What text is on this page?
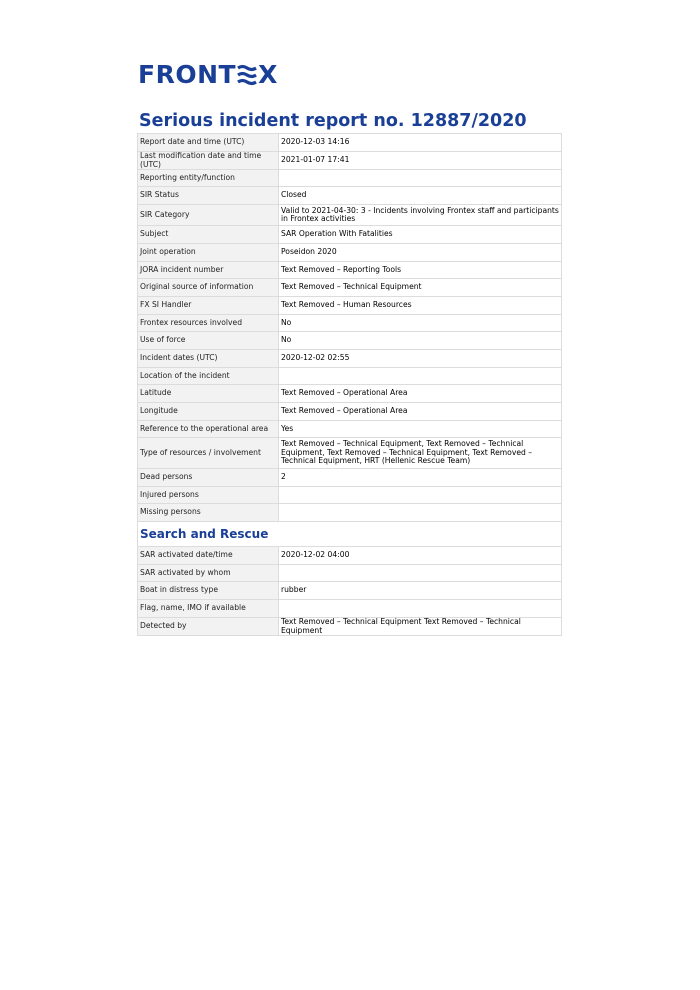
FRONT X
Serious incident report no. 12887/2020
Report date and time (UTC)	2020-12-03 14:16
Last modification date and time (UTC)	2021-01-07 17:41
Reporting entity/function	
SIR Status	Closed
SIR Category	Valid to 2021-04-30: 3 - Incidents involving Frontex staff and participants in Frontex activities
Subject	SAR Operation With Fatalities
Joint operation	Poseidon 2020
JORA incident number	Text Removed – Reporting Tools
Original source of information	Text Removed – Technical Equipment
FX SI Handler	Text Removed – Human Resources
Frontex resources involved	No
Use of force	No
Incident dates (UTC)	2020-12-02 02:55
Location of the incident	
Latitude	Text Removed – Operational Area
Longitude	Text Removed – Operational Area
Reference to the operational area	Yes
Type of resources / involvement	Text Removed – Technical Equipment, Text Removed – Technical Equipment, Text Removed – Technical Equipment, Text Removed – Technical Equipment, HRT (Hellenic Rescue Team)
Dead persons	2
Injured persons	
Missing persons	
Search and Rescue
SAR activated date/time	2020-12-02 04:00
SAR activated by whom	
Boat in distress type	rubber
Flag, name, IMO if available	
Detected by	Text Removed – Technical Equipment Text Removed – Technical Equipment
